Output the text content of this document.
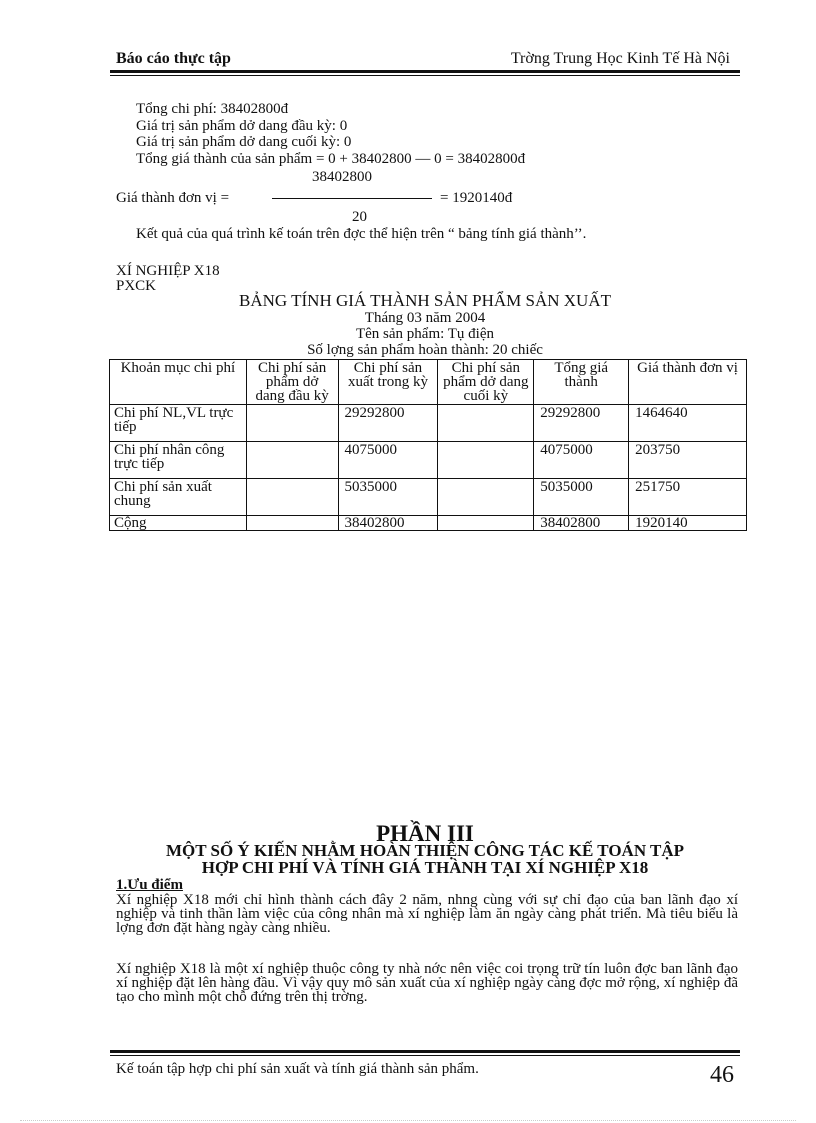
Báo cáo thực tập	Trờng Trung Học Kinh Tế Hà Nội
Tổng chi phí: 38402800đ
Giá trị sản phẩm dở dang đầu kỳ: 0
Giá trị sản phẩm dở dang cuối kỳ: 0
Tổng giá thành của sản phẩm = 0 + 38402800 — 0 = 38402800đ
38402800
Giá thành đơn vị =	= 1920140đ
20
Kết quả của quá trình kế toán trên đợc thể hiện trên “ bảng tính giá thành’’.
XÍ NGHIỆP X18
PXCK
BẢNG TÍNH GIÁ THÀNH SẢN PHẨM SẢN XUẤT
Tháng 03 năm 2004
Tên sản phẩm: Tụ điện
Số lợng sản phẩm hoàn thành: 20 chiếc
Khoản mục chi phí	Chi phí sản phẩm dở dang đầu kỳ	Chi phí sản xuất trong kỳ	Chi phí sản phẩm dở dang cuối kỳ	Tổng giá thành	Giá thành đơn vị
Chi phí NL,VL trực tiếp		29292800		29292800	1464640
Chi phí nhân công trực tiếp		4075000		4075000	203750
Chi phí sản xuất chung		5035000		5035000	251750
Cộng		38402800		38402800	1920140
PHẦN III
MỘT SỐ Ý KIẾN NHẰM HOÀN THIỆN CÔNG TÁC KẾ TOÁN TẬP
HỢP CHI PHÍ VÀ TÍNH GIÁ THÀNH TẠI XÍ NGHIỆP X18
1.Ưu điểm
Xí nghiệp X18 mới chỉ hình thành cách đây 2 năm, nhng cùng với sự chỉ đạo của ban lãnh đạo xí nghiệp và tinh thần làm việc của công nhân mà xí nghiệp làm ăn ngày càng phát triển. Mà tiêu biểu là lợng đơn đặt hàng ngày càng nhiều.
Xí nghiệp X18 là một xí nghiệp thuộc công ty nhà nớc nên việc coi trọng trữ tín luôn đợc ban lãnh đạo xí nghiệp đặt lên hàng đầu. Vì vậy quy mô sản xuất của xí nghiệp ngày càng đợc mở rộng, xí nghiệp đã tạo cho mình một chỗ đứng trên thị trờng.
Kế toán tập hợp chi phí sản xuất và tính giá thành sản phẩm.	46
